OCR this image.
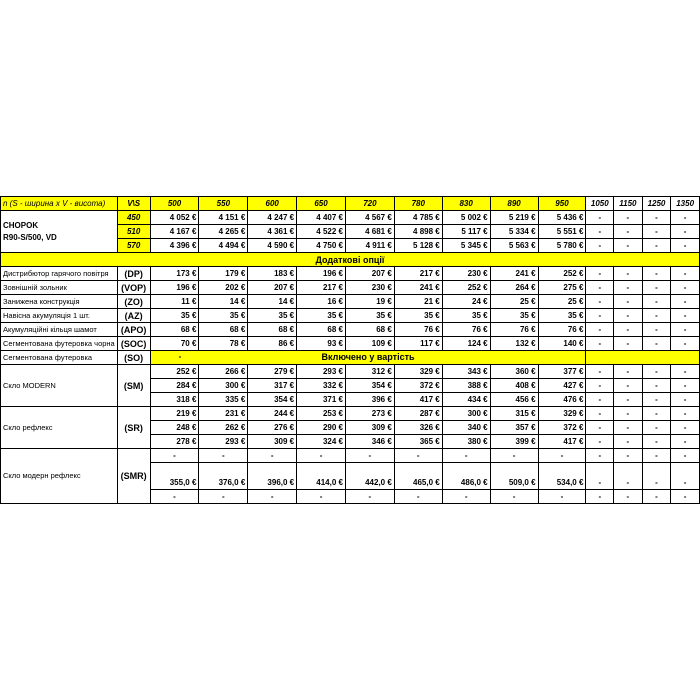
n (S - ширина x V - висота)	V\S	500	550	600	650	720	780	830	890	950	1050	1150	1250	1350

CHOPOK
R90-S/500, VD	450	4 052 €	4 151 €	4 247 €	4 407 €	4 567 €	4 785 €	5 002 €	5 219 €	5 436 €	-	-	-	-
	510	4 167 €	4 265 €	4 361 €	4 522 €	4 681 €	4 898 €	5 117 €	5 334 €	5 551 €	-	-	-	-
	570	4 396 €	4 494 €	4 590 €	4 750 €	4 911 €	5 128 €	5 345 €	5 563 €	5 780 €	-	-	-	-
Додаткові опції														
Дистрибютор гарячого повітря	(DP)	173 €	179 €	183 €	196 €	207 €	217 €	230 €	241 €	252 €	-	-	-	-
Зовнішній зольник	(VOP)	196 €	202 €	207 €	217 €	230 €	241 €	252 €	264 €	275 €	-	-	-	-
Занижена конструкція	(ZO)	11 €	14 €	14 €	16 €	19 €	21 €	24 €	25 €	25 €	-	-	-	-
Навісна акумуляція 1 шт.	(AZ)	35 €	35 €	35 €	35 €	35 €	35 €	35 €	35 €	35 €	-	-	-	-
Акумуляційні кільця шамот	(APO)	68 €	68 €	68 €	68 €	68 €	76 €	76 €	76 €	76 €	-	-	-	-
Сегментована футеровка чорна	(SOC)	70 €	78 €	86 €	93 €	109 €	117 €	124 €	132 €	140 €	-	-	-	-
Сегментована футеровка	(SO)	- Включено у вартість												
Скло MODERN	(SM)	252 €	266 €	279 €	293 €	312 €	329 €	343 €	360 €	377 €	-	-	-	-
		284 €	300 €	317 €	332 €	354 €	372 €	388 €	408 €	427 €	-	-	-	-
		318 €	335 €	354 €	371 €	396 €	417 €	434 €	456 €	476 €	-	-	-	-
Скло рефлекс	(SR)	219 €	231 €	244 €	253 €	273 €	287 €	300 €	315 €	329 €	-	-	-	-
		248 €	262 €	276 €	290 €	309 €	326 €	340 €	357 €	372 €	-	-	-	-
		278 €	293 €	309 €	324 €	346 €	365 €	380 €	399 €	417 €	-	-	-	-
Скло модерн рефлекс	(SMR)	-	-	-	-	-	-	-	-	-	-	-	-	-
		355,0 €	376,0 €	396,0 €	414,0 €	442,0 €	465,0 €	486,0 €	509,0 €	534,0 €	-	-	-	-
		-	-	-	-	-	-	-	-	-	-	-	-	-
